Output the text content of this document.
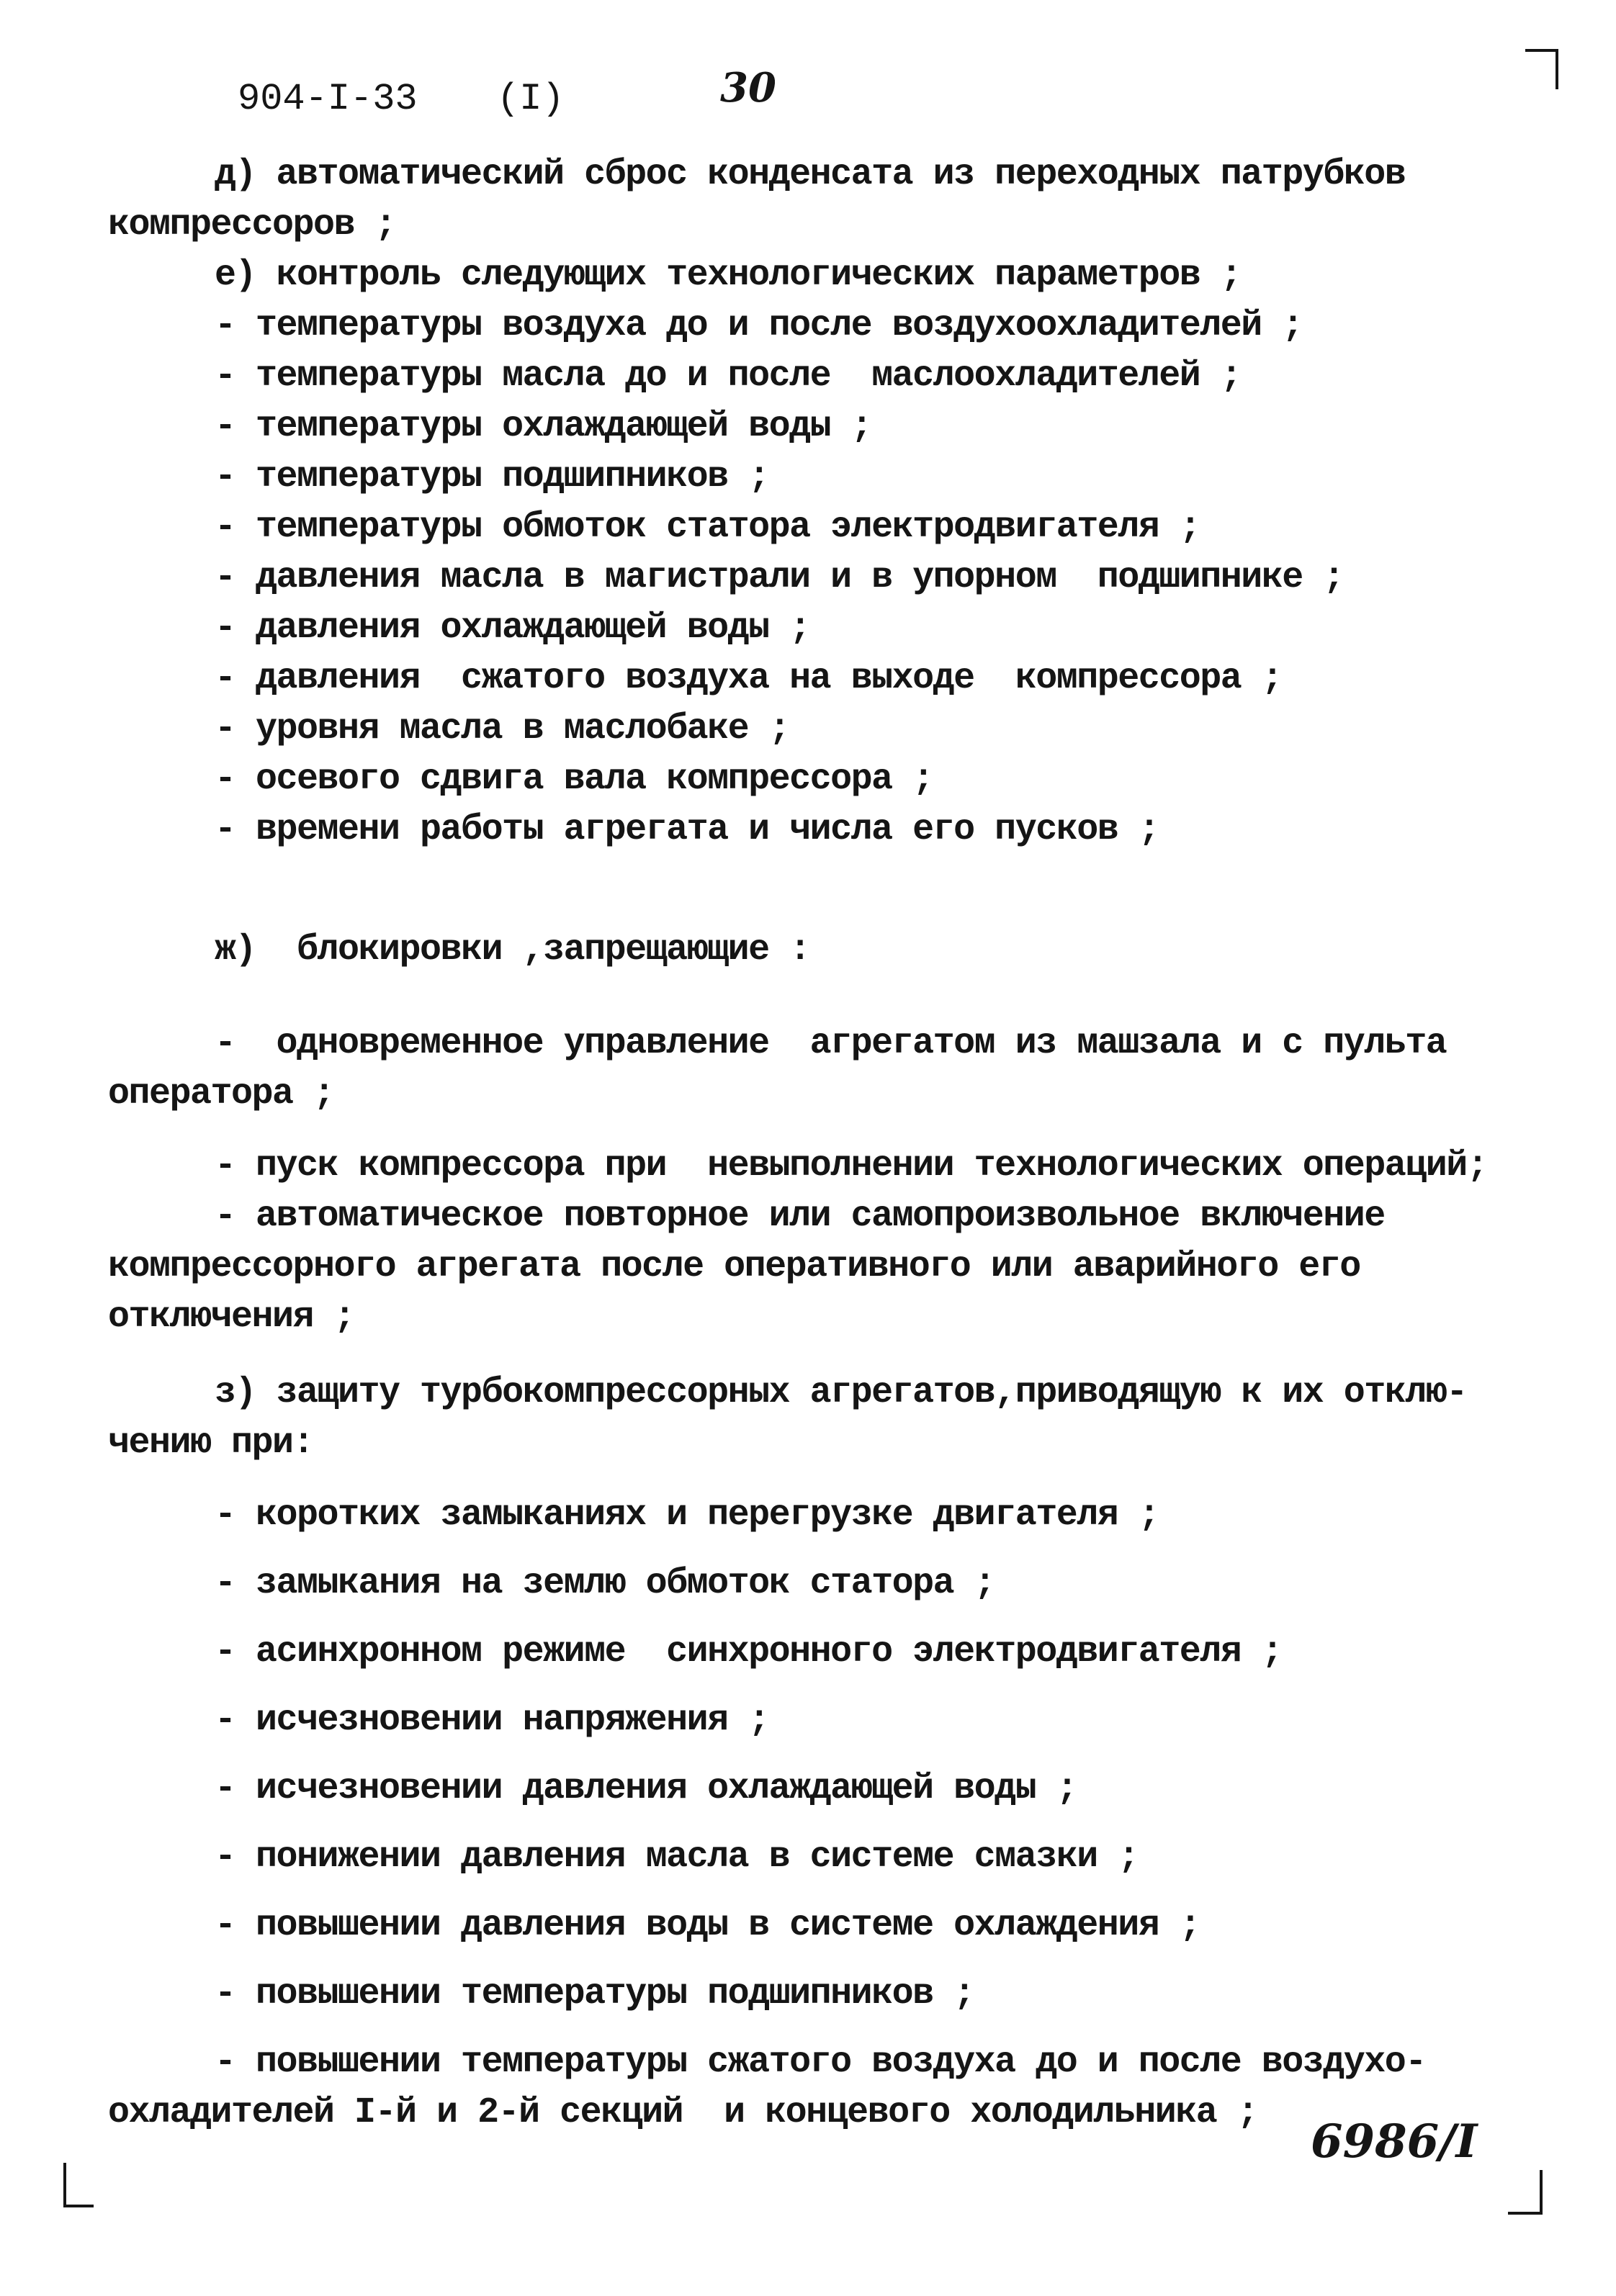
904-I-33 (I)	30
д) автоматический сброс конденсата из переходных патрубков
компрессоров ;
е) контроль следующих технологических параметров ;
- температуры воздуха до и после воздухоохладителей ;
- температуры масла до и после  маслоохладителей ;
- температуры охлаждающей воды ;
- температуры подшипников ;
- температуры обмоток статора электродвигателя ;
- давления масла в магистрали и в упорном  подшипнике ;
- давления охлаждающей воды ;
- давления  сжатого воздуха на выходе  компрессора ;
- уровня масла в маслобаке ;
- осевого сдвига вала компрессора ;
- времени работы агрегата и числа его пусков ;
ж)  блокировки ,запрещающие :
-  одновременное управление  агрегатом из машзала и с пульта
оператора ;
- пуск компрессора при  невыполнении технологических операций;
- автоматическое повторное или самопроизвольное включение
компрессорного агрегата после оперативного или аварийного его
отключения ;
з) защиту турбокомпрессорных агрегатов,приводящую к их отклю-
чению при:
- коротких замыканиях и перегрузке двигателя ;
- замыкания на землю обмоток статора ;
- асинхронном режиме  синхронного электродвигателя ;
- исчезновении напряжения ;
- исчезновении давления охлаждающей воды ;
- понижении давления масла в системе смазки ;
- повышении давления воды в системе охлаждения ;
- повышении температуры подшипников ;
- повышении температуры сжатого воздуха до и после воздухо-
охладителей I-й и 2-й секций  и концевого холодильника ;
6986/I
